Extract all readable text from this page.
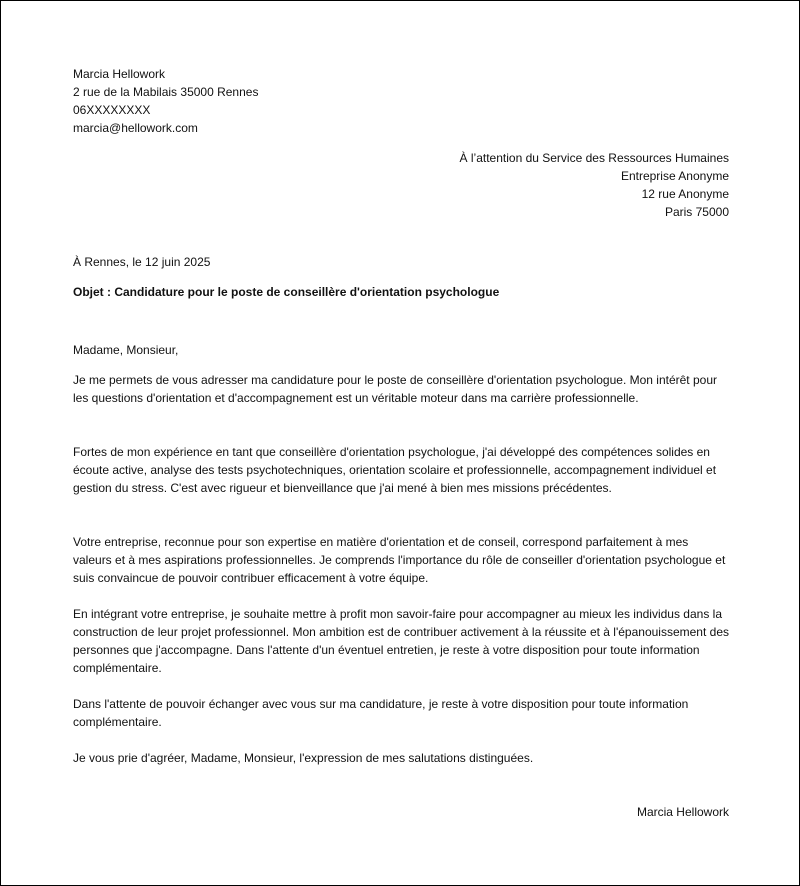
Marcia Hellowork
2 rue de la Mabilais 35000 Rennes
06XXXXXXXX
marcia@hellowork.com
À l’attention du Service des Ressources Humaines
Entreprise Anonyme
12 rue Anonyme
Paris 75000
À Rennes, le 12 juin 2025
Objet : Candidature pour le poste de conseillère d'orientation psychologue
Madame, Monsieur,

Je me permets de vous adresser ma candidature pour le poste de conseillère d'orientation psychologue. Mon intérêt pour les questions d'orientation et d'accompagnement est un véritable moteur dans ma carrière professionnelle.

Fortes de mon expérience en tant que conseillère d'orientation psychologue, j'ai développé des compétences solides en écoute active, analyse des tests psychotechniques, orientation scolaire et professionnelle, accompagnement individuel et gestion du stress. C'est avec rigueur et bienveillance que j'ai mené à bien mes missions précédentes.

Votre entreprise, reconnue pour son expertise en matière d'orientation et de conseil, correspond parfaitement à mes valeurs et à mes aspirations professionnelles. Je comprends l'importance du rôle de conseiller d'orientation psychologue et suis convaincue de pouvoir contribuer efficacement à votre équipe.

En intégrant votre entreprise, je souhaite mettre à profit mon savoir-faire pour accompagner au mieux les individus dans la construction de leur projet professionnel. Mon ambition est de contribuer activement à la réussite et à l'épanouissement des personnes que j'accompagne. Dans l'attente d'un éventuel entretien, je reste à votre disposition pour toute information complémentaire.

Dans l'attente de pouvoir échanger avec vous sur ma candidature, je reste à votre disposition pour toute information complémentaire.

Je vous prie d'agréer, Madame, Monsieur, l'expression de mes salutations distinguées.

Marcia Hellowork
